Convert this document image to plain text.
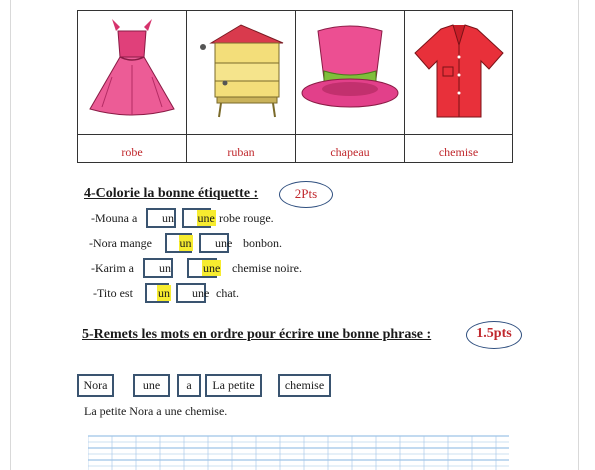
robe	ruban	chapeau	chemise
4-Colorie la bonne étiquette :	2Pts
-Mouna a un une robe rouge.
-Nora mange un une bonbon.
-Karim a un	une chemise noire.
-Tito est un une chat.
5-Remets les mots en ordre pour écrire une bonne phrase :	1.5pts
Nora	une	a	La petite	chemise
La petite Nora a une chemise.
